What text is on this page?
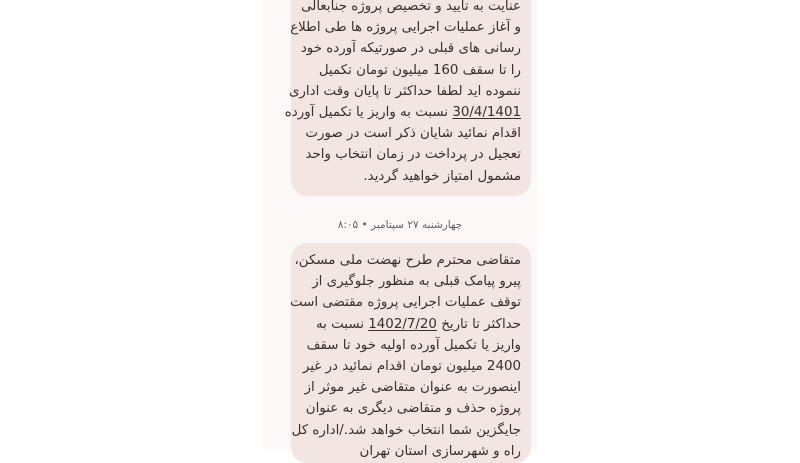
عنایت به تایید و تخصیص پروژه جنابعالی
و آغاز عملیات اجرایی پروژه ها طی اطلاع
رسانی های قبلی در صورتیکه آورده خود
را تا سقف 160 میلیون تومان تکمیل
ننموده اید لطفا حداکثر تا پایان وقت اداری
30/4/1401 نسبت به واریز یا تکمیل آورده
اقدام نمائید شایان ذکر است در صورت
تعجیل در پرداخت در زمان انتخاب واحد
مشمول امتیاز خواهید گردید.
چهارشنبه ۲۷ سپتامبر • ۸:۰۵
متقاضی محترم طرح نهضت ملی مسکن،
پیرو پیامک قبلی به منظور جلوگیری از
توقف عملیات اجرایی پروژه مقتضی است
حداکثر تا تاریخ 1402/7/20 نسبت به
واریز یا تکمیل آورده اولیه خود تا سقف
2400 میلیون تومان اقدام نمائید در غیر
اینصورت به عنوان متقاضی غیر موثر از
پروژه حذف و متقاضی دیگری به عنوان
جایگزین شما انتخاب خواهد شد./اداره کل
راه و شهرسازی استان تهران
